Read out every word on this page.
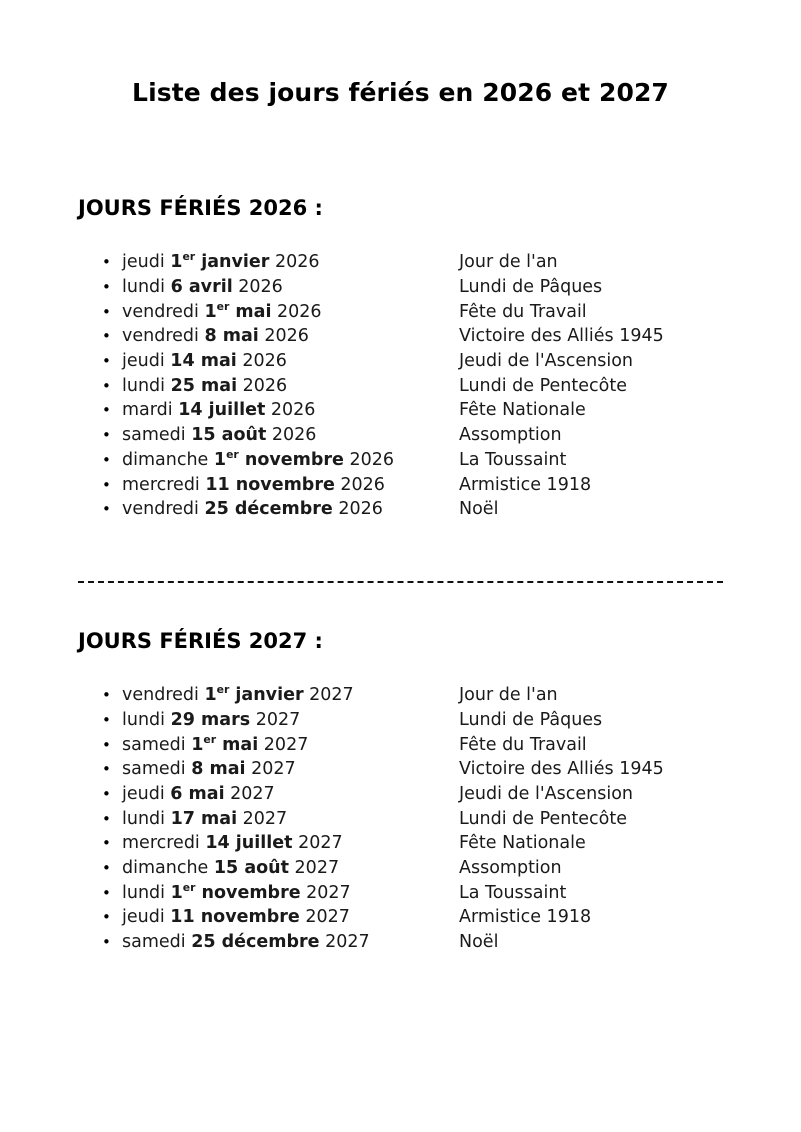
Liste des jours fériés en 2026 et 2027
JOURS FÉRIÉS 2026 :
• jeudi 1er janvier 2026	Jour de l'an
• lundi 6 avril 2026	Lundi de Pâques
• vendredi 1er mai 2026	Fête du Travail
• vendredi 8 mai 2026	Victoire des Alliés 1945
• jeudi 14 mai 2026	Jeudi de l'Ascension
• lundi 25 mai 2026	Lundi de Pentecôte
• mardi 14 juillet 2026	Fête Nationale
• samedi 15 août 2026	Assomption
• dimanche 1er novembre 2026	La Toussaint
• mercredi 11 novembre 2026	Armistice 1918
• vendredi 25 décembre 2026	Noël
JOURS FÉRIÉS 2027 :
• vendredi 1er janvier 2027	Jour de l'an
• lundi 29 mars 2027	Lundi de Pâques
• samedi 1er mai 2027	Fête du Travail
• samedi 8 mai 2027	Victoire des Alliés 1945
• jeudi 6 mai 2027	Jeudi de l'Ascension
• lundi 17 mai 2027	Lundi de Pentecôte
• mercredi 14 juillet 2027	Fête Nationale
• dimanche 15 août 2027	Assomption
• lundi 1er novembre 2027	La Toussaint
• jeudi 11 novembre 2027	Armistice 1918
• samedi 25 décembre 2027	Noël
